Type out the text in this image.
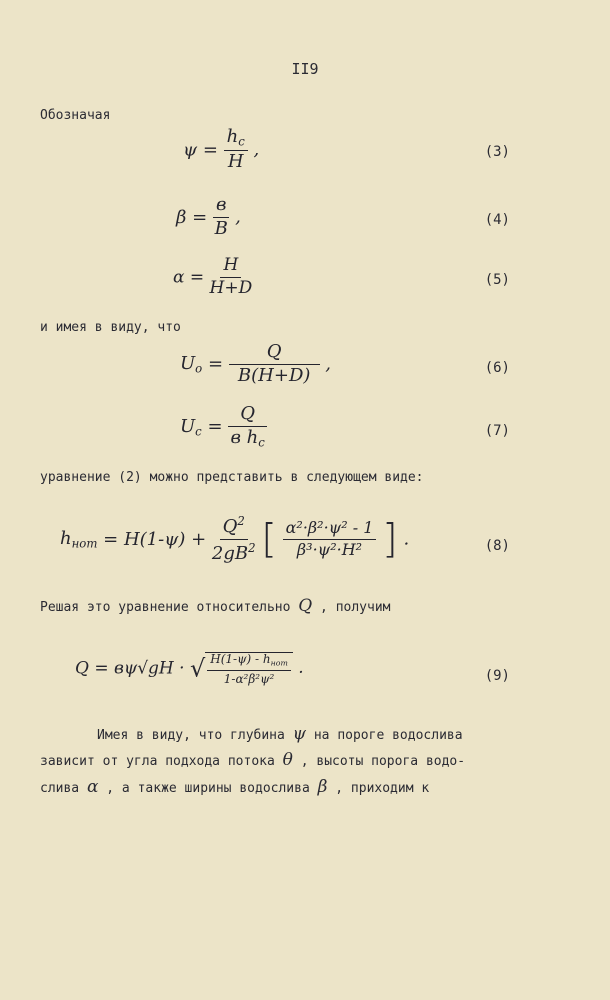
II9
Обозначая
$\psi = \frac{h_c}{H}$ ,	(3)
$\beta = \frac{в}{B}$ ,	(4)
$\alpha = \frac{H}{H+D}$	(5)
и имея в виду, что
$U_o = \frac{Q}{B(H+D)}$ ,	(6)
$U_c = \frac{Q}{в h_c}$	(7)
уравнение (2) можно представить в следующем виде:
$h_{нот} = H(1-\psi) + \frac{Q^2}{2gB^2}$ [ $\frac{\text{α²·β²·ψ² - 1}}{\text{β³·ψ²·H²}}$ ] .	(8)
Решая это уравнение относительно Q , получим
Q = вψ√gH · √ $\frac{H(1-\psi) - h_{нот}}{\text{1-α²β²ψ²}}$ .	(9)
Имея в виду, что глубина ψ на пороге водослива
зависит от угла подхода потока θ , высоты порога водо-
слива α , а также ширины водослива β , приходим к
